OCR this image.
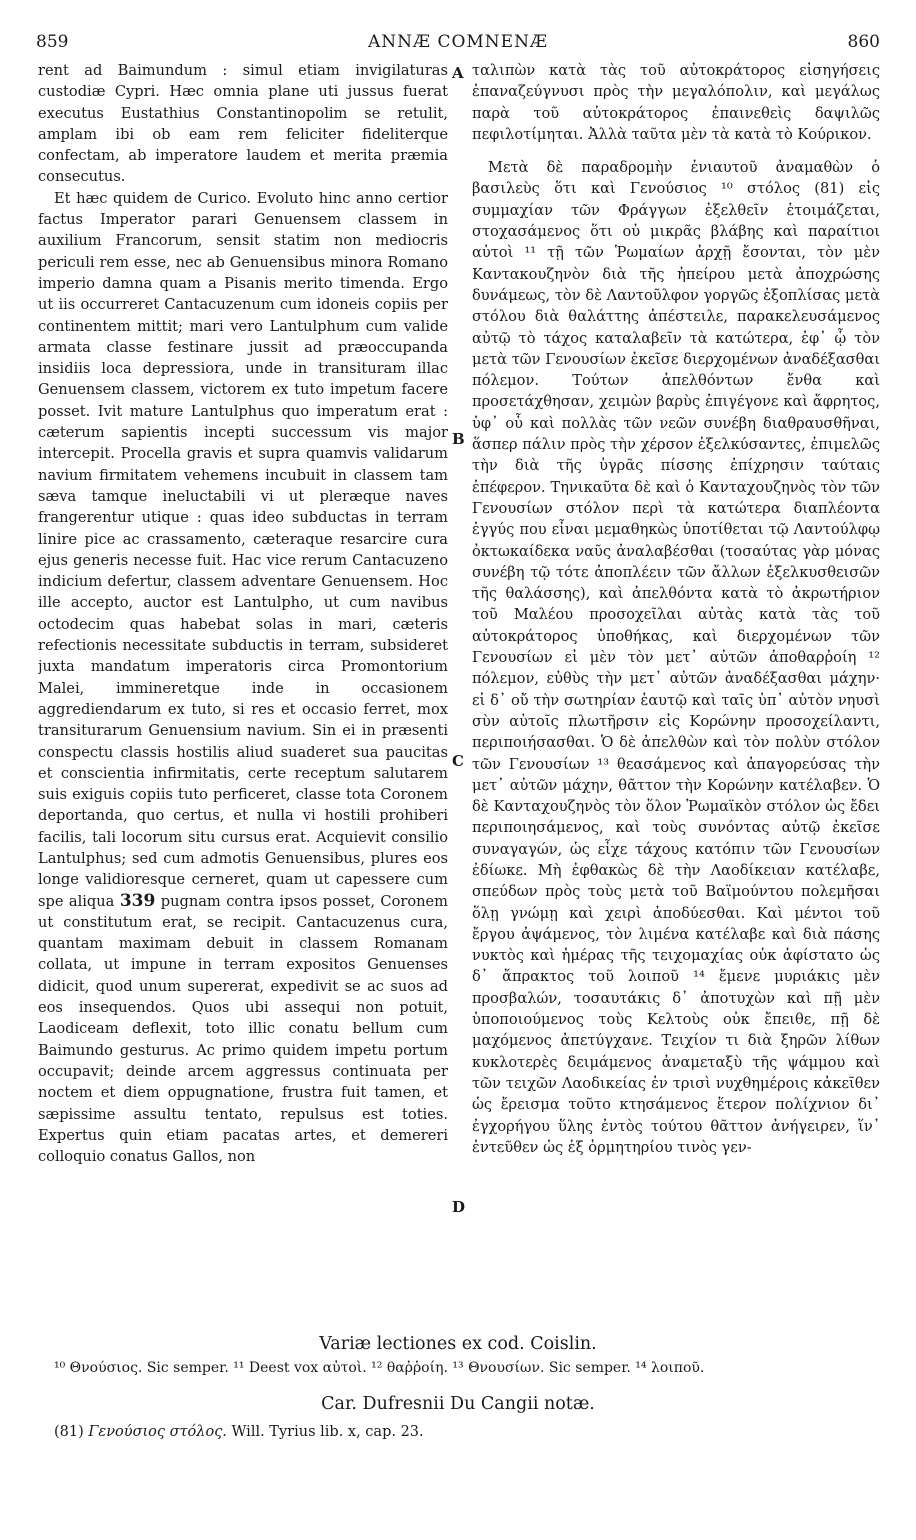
859	ANNÆ COMNENÆ	860

rent ad Baimundum : simul etiam invigilaturas custodiæ Cypri. Hæc omnia plane uti jussus fuerat executus Eustathius Constantinopolim se retulit, amplam ibi ob eam rem feliciter fideliterque confectam, ab imperatore laudem et merita præmia consecutus.

Et hæc quidem de Curico. Evoluto hinc anno certior factus Imperator parari Genuensem classem in auxilium Francorum, sensit statim non mediocris periculi rem esse, nec ab Genuensibus minora Romano imperio damna quam a Pisanis merito timenda. Ergo ut iis occurreret Cantacuzenum cum idoneis copiis per continentem mittit; mari vero Lantulphum cum valide armata classe festinare jussit ad præoccupanda insidiis loca depressiora, unde in transituram illac Genuensem classem, victorem ex tuto impetum facere posset. Ivit mature Lantulphus quo imperatum erat : cæterum sapientis incepti successum vis major intercepit. Procella gravis et supra quamvis validarum navium firmitatem vehemens incubuit in classem tam sæva tamque ineluctabili vi ut pleræque naves frangerentur utique : quas ideo subductas in terram linire pice ac crassamento, cæteraque resarcire cura ejus generis necesse fuit. Hac vice rerum Cantacuzeno indicium defertur, classem adventare Genuensem. Hoc ille accepto, auctor est Lantulpho, ut cum navibus octodecim quas habebat solas in mari, cæteris refectionis necessitate subductis in terram, subsideret juxta mandatum imperatoris circa Promontorium Malei, immineretque inde in occasionem aggrediendarum ex tuto, si res et occasio ferret, mox transiturarum Genuensium navium. Sin ei in præsenti conspectu classis hostilis aliud suaderet sua paucitas et conscientia infirmitatis, certe receptum salutarem suis exiguis copiis tuto perficeret, classe tota Coronem deportanda, quo certus, et nulla vi hostili prohiberi facilis, tali locorum situ cursus erat. Acquievit consilio Lantulphus; sed cum admotis Genuensibus, plures eos longe validioresque cerneret, quam ut capessere cum spe aliqua 339 pugnam contra ipsos posset, Coronem ut constitutum erat, se recipit. Cantacuzenus cura, quantam maximam debuit in classem Romanam collata, ut impune in terram expositos Genuenses didicit, quod unum supererat, expedivit se ac suos ad eos insequendos. Quos ubi assequi non potuit, Laodiceam deflexit, toto illic conatu bellum cum Baimundo gesturus. Ac primo quidem impetu portum occupavit; deinde arcem aggressus continuata per noctem et diem oppugnatione, frustra fuit tamen, et sæpissime assultu tentato, repulsus est toties. Expertus quin etiam pacatas artes, et demereri colloquio conatus Gallos, non

A
B
C
D

ταλιπὼν κατὰ τὰς τοῦ αὐτοκράτορος εἰσηγήσεις ἐπαναζεύγνυσι πρὸς τὴν μεγαλόπολιν, καὶ μεγάλως παρὰ τοῦ αὐτοκράτορος ἐπαινεθεὶς δαψιλῶς πεφιλοτίμηται. Ἀλλὰ ταῦτα μὲν τὰ κατὰ τὸ Κούρικον.

Μετὰ δὲ παραδρομὴν ἐνιαυτοῦ ἀναμαθὼν ὁ βασιλεὺς ὅτι καὶ Γενούσιος ¹⁰ στόλος (81) εἰς συμμαχίαν τῶν Φράγγων ἐξελθεῖν ἑτοιμάζεται, στοχασάμενος ὅτι οὐ μικρᾶς βλάβης καὶ παραίτιοι αὐτοὶ ¹¹ τῇ τῶν Ῥωμαίων ἀρχῇ ἔσονται, τὸν μὲν Καντακουζηνὸν διὰ τῆς ἠπείρου μετὰ ἀποχρώσης δυνάμεως, τὸν δὲ Λαντοῦλφον γοργῶς ἐξοπλίσας μετὰ στόλου διὰ θαλάττης ἀπέστειλε, παρακελευσάμενος αὐτῷ τὸ τάχος καταλαβεῖν τὰ κατώτερα, ἐφ᾽ ᾧ τὸν μετὰ τῶν Γενουσίων ἐκεῖσε διερχομένων ἀναδέξασθαι πόλεμον. Τούτων ἀπελθόντων ἔνθα καὶ προσετάχθησαν, χειμὼν βαρὺς ἐπιγέγονε καὶ ἄφρητος, ὑφ᾽ οὗ καὶ πολλὰς τῶν νεῶν συνέβη διαθραυσθῆναι, ἅσπερ πάλιν πρὸς τὴν χέρσον ἐξελκύσαντες, ἐπιμελῶς τὴν διὰ τῆς ὑγρᾶς πίσσης ἐπίχρησιν ταύταις ἐπέφερον. Τηνικαῦτα δὲ καὶ ὁ Κανταχουζηνὸς τὸν τῶν Γενουσίων στόλον περὶ τὰ κατώτερα διαπλέοντα ἐγγύς που εἶναι μεμαθηκὼς ὑποτίθεται τῷ Λαντούλφῳ ὀκτωκαίδεκα ναῦς ἀναλαβέσθαι (τοσαύτας γὰρ μόνας συνέβη τῷ τότε ἀποπλέειν τῶν ἄλλων ἐξελκυσθεισῶν τῆς θαλάσσης), καὶ ἀπελθόντα κατὰ τὸ ἀκρωτήριον τοῦ Μαλέου προσοχεῖλαι αὐτὰς κατὰ τὰς τοῦ αὐτοκράτορος ὑποθήκας, καὶ διερχομένων τῶν Γενουσίων εἰ μὲν τὸν μετ᾽ αὐτῶν ἀποθαρῤοίη ¹² πόλεμον, εὐθὺς τὴν μετ᾽ αὐτῶν ἀναδέξασθαι μάχην· εἰ δ᾽ οὔ τὴν σωτηρίαν ἑαυτῷ καὶ ταῖς ὑπ᾽ αὐτὸν νηυσὶ σὺν αὐτοῖς πλωτῆρσιν εἰς Κορώνην προσοχείλαντι, περιποιήσασθαι. Ὁ δὲ ἀπελθὼν καὶ τὸν πολὺν στόλον τῶν Γενουσίων ¹³ θεασάμενος καὶ ἀπαγορεύσας τὴν μετ᾽ αὐτῶν μάχην, θᾶττον τὴν Κορώνην κατέλαβεν. Ὁ δὲ Κανταχουζηνὸς τὸν ὅλον Ῥωμαϊκὸν στόλον ὡς ἔδει περιποιησάμενος, καὶ τοὺς συνόντας αὐτῷ ἐκεῖσε συναγαγών, ὡς εἶχε τάχους κατόπιν τῶν Γενουσίων ἐδίωκε. Μὴ ἐφθακὼς δὲ τὴν Λαοδίκειαν κατέλαβε, σπεύδων πρὸς τοὺς μετὰ τοῦ Βαϊμούντου πολεμῆσαι ὅλῃ γνώμῃ καὶ χειρὶ ἀποδύεσθαι. Καὶ μέντοι τοῦ ἔργου ἀψάμενος, τὸν λιμένα κατέλαβε καὶ διὰ πάσης νυκτὸς καὶ ἡμέρας τῆς τειχομαχίας οὐκ ἀφίστατο ὡς δ᾽ ἄπρακτος τοῦ λοιποῦ ¹⁴ ἔμενε μυριάκις μὲν προσβαλών, τοσαυτάκις δ᾽ ἀποτυχὼν καὶ πῇ μὲν ὑποποιούμενος τοὺς Κελτοὺς οὐκ ἔπειθε, πῇ δὲ μαχόμενος ἀπετύγχανε. Τειχίον τι διὰ ξηρῶν λίθων κυκλοτερὲς δειμάμενος ἀναμεταξὺ τῆς ψάμμου καὶ τῶν τειχῶν Λαοδικείας ἐν τρισὶ νυχθημέροις κἀκεῖθεν ὡς ἔρεισμα τοῦτο κτησάμενος ἕτερον πολίχνιον δι᾽ ἐγχορήγου ὕλης ἐντὸς τούτου θᾶττον ἀνήγειρεν, ἵν᾽ ἐντεῦθεν ὡς ἐξ ὁρμητηρίου τινὸς γεν-

Variæ lectiones ex cod. Coislin.

¹⁰ Θνούσιος. Sic semper. ¹¹ Deest vox αὐτοὶ. ¹² θαῤῥοίη. ¹³ Θνουσίων. Sic semper. ¹⁴ λοιποῦ.

Car. Dufresnii Du Cangii notæ.

(81) Γενούσιος στόλος. Will. Tyrius lib. x, cap. 23.
